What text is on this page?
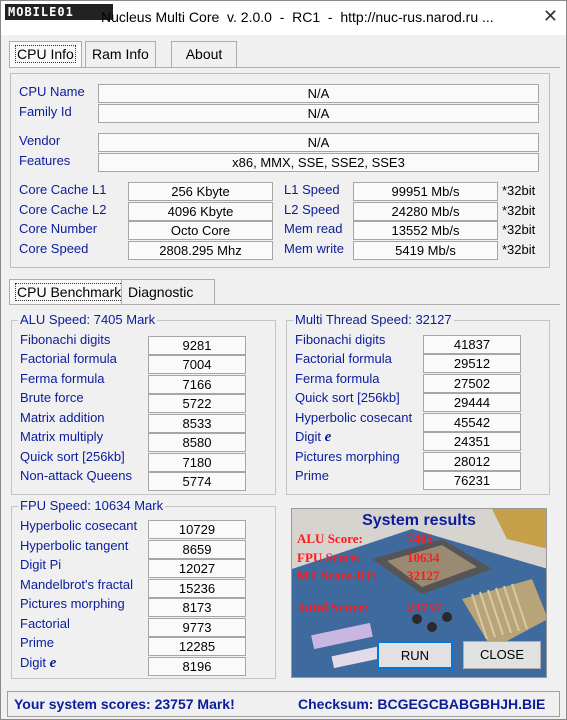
MOBILE01	Nucleus Multi Core  v. 2.0.0  -  RC1  -  http://nuc-rus.narod.ru ...	✕
CPU Info	Ram Info	About
CPU Name	N/A
Family Id	N/A
Vendor	N/A
Features	x86, MMX, SSE, SSE2, SSE3
Core Cache L1	256 Kbyte
Core Cache L2	4096 Kbyte
Core Number	Octo Core
Core Speed	2808.295 Mhz
L1 Speed	99951 Mb/s	*32bit
L2 Speed	24280 Mb/s	*32bit
Mem read	13552 Mb/s	*32bit
Mem write	5419 Mb/s	*32bit
CPU Benchmark Diagnostic
ALU Speed: 7405 Mark
Fibonachi digits	9281
Factorial formula	7004
Ferma formula	7166
Brute force	5722
Matrix addition	8533
Matrix multiply	8580
Quick sort [256kb]	7180
Non-attack Queens	5774
Multi Thread Speed: 32127
Fibonachi digits	41837
Factorial formula	29512
Ferma formula	27502
Quick sort [256kb]	29444
Hyperbolic cosecant	45542
Digit e	24351
Pictures morphing	28012
Prime	76231
FPU Speed: 10634 Mark
Hyperbolic cosecant	10729
Hyperbolic tangent	8659
Digit Pi	12027
Mandelbrot's fractal	15236
Pictures morphing	8173
Factorial	9773
Prime	12285
Digit e	8196
System results
ALU Score:	7405
FPU Score:	10634
MT Score-BT: 32127
Total Score:	23757
RUN	CLOSE
Your system scores: 23757 Mark!	Checksum: BCGEGCBABGBHJH.BIE
